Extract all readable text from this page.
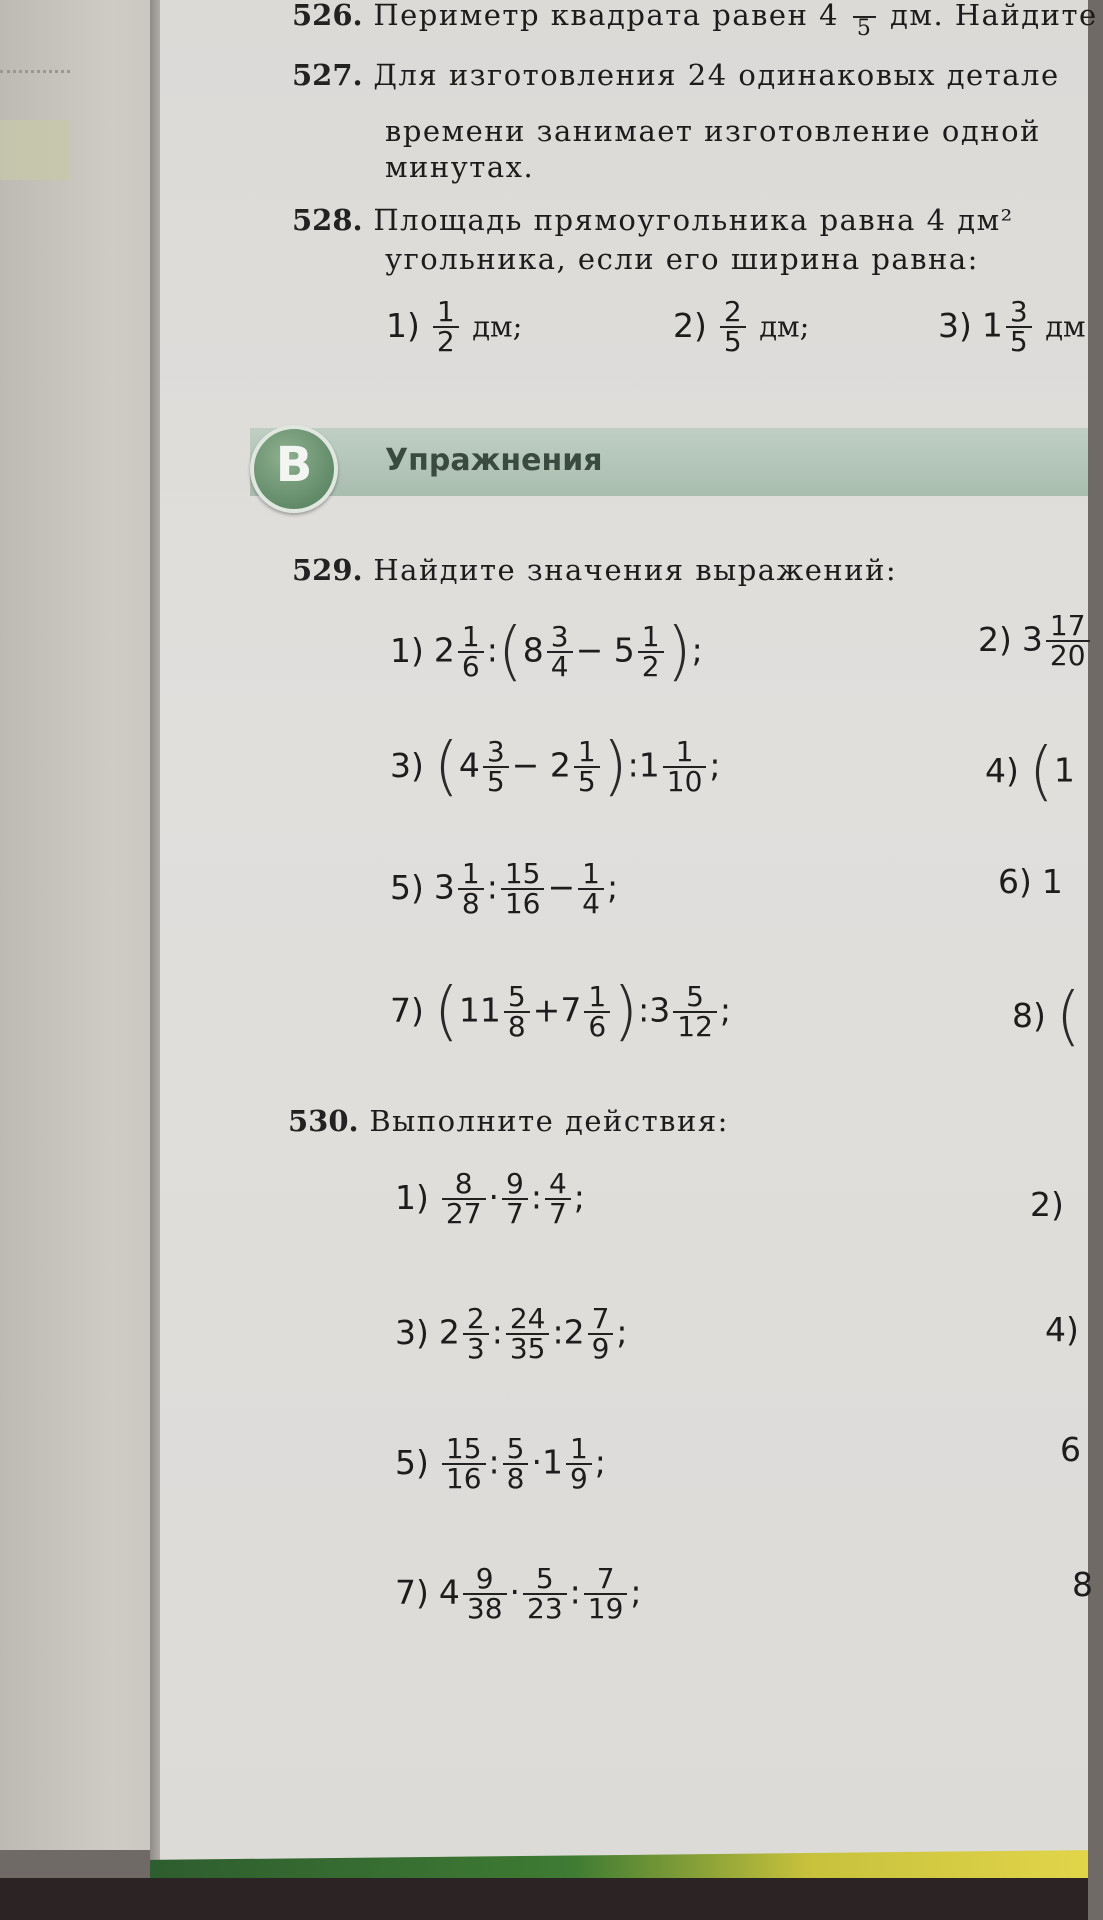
526. Периметр квадрата равен 4
5 дм. Найдите
527. Для изготовления 24 одинаковых детале
времени занимает изготовление одной
минутах.
528. Площадь прямоугольника равна 4 дм²
угольника, если его ширина равна:
$1) \frac{1}{2}$ дм;	$2) \frac{2}{5}$ дм;	3) $1 \frac{3}{5}$ дм
В	Упражнения
529. Найдите значения выражений:
1) $2 \frac{1}{6}$ :(8 $\frac{3}{4} - 5 \frac{1}{2}$ );	2) $3 \frac{17}{20}$
3) ($4 \frac{3}{5} - 2 \frac{1}{5}$ ):1 $\frac{1}{10}$ ;	4) (1
5) $3 \frac{1}{8}$ : $\frac{15}{16} - \frac{1}{4}$ ;	6) 1
7) ($11 \frac{5}{8} +7 \frac{1}{6}$ ):3 $\frac{5}{12}$ ;	8) (
530. Выполните действия:
$1) \frac{8}{27} \cdot \frac{9}{7}$ : $\frac{4}{7}$ ;	2)
3) $2 \frac{2}{3}$ : $\frac{24}{35}$ :2 $\frac{7}{9}$ ;	4)
$5) \frac{15}{16}$ : $\frac{5}{8} \cdot 1 \frac{1}{9}$ ;	6
7) $4 \frac{9}{38} \cdot \frac{5}{23}$ : $\frac{7}{19}$ ;	8
